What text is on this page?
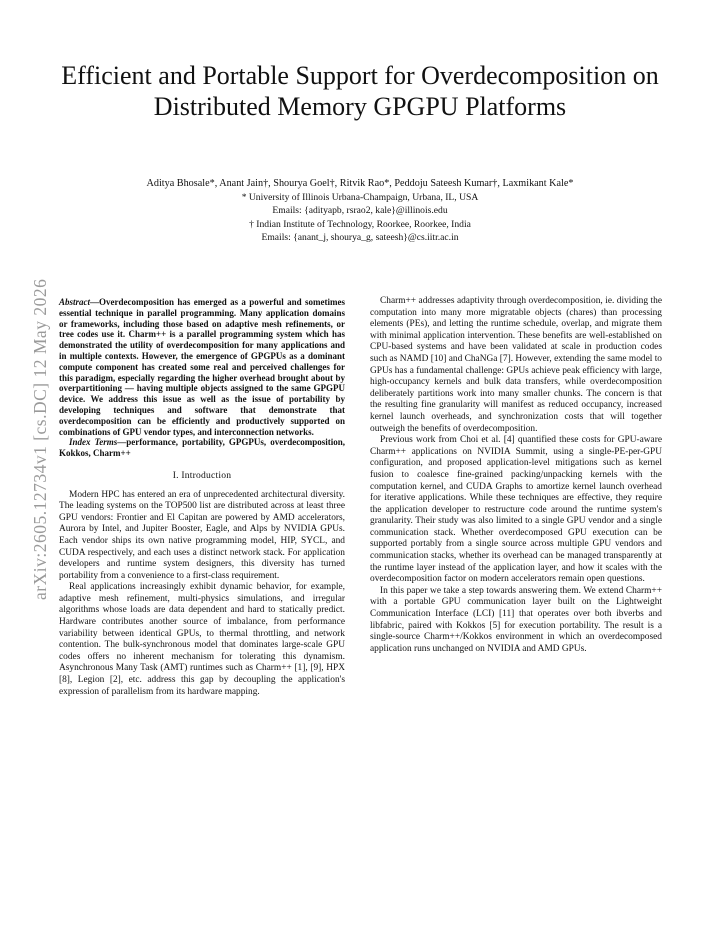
arXiv:2605.12734v1 [cs.DC] 12 May 2026
Efficient and Portable Support for Overdecomposition on Distributed Memory GPGPU Platforms
Aditya Bhosale*, Anant Jain†, Shourya Goel†, Ritvik Rao*, Peddoju Sateesh Kumar†, Laxmikant Kale*
* University of Illinois Urbana-Champaign, Urbana, IL, USA
Emails: {adityapb, rsrao2, kale}@illinois.edu
† Indian Institute of Technology, Roorkee, Roorkee, India
Emails: {anant_j, shourya_g, sateesh}@cs.iitr.ac.in

Abstract—Overdecomposition has emerged as a powerful and sometimes essential technique in parallel programming. Many application domains or frameworks, including those based on adaptive mesh refinements, or tree codes use it. Charm++ is a parallel programming system which has demonstrated the utility of overdecomposition for many applications and in multiple contexts. However, the emergence of GPGPUs as a dominant compute component has created some real and perceived challenges for this paradigm, especially regarding the higher overhead brought about by overpartitioning — having multiple objects assigned to the same GPGPU device. We address this issue as well as the issue of portability by developing techniques and software that demonstrate that overdecomposition can be efficiently and productively supported on combinations of GPU vendor types, and interconnection networks.

Index Terms—performance, portability, GPGPUs, overdecomposition, Kokkos, Charm++

I. Introduction

Modern HPC has entered an era of unprecedented architectural diversity. The leading systems on the TOP500 list are distributed across at least three GPU vendors: Frontier and El Capitan are powered by AMD accelerators, Aurora by Intel, and Jupiter Booster, Eagle, and Alps by NVIDIA GPUs. Each vendor ships its own native programming model, HIP, SYCL, and CUDA respectively, and each uses a distinct network stack. For application developers and runtime system designers, this diversity has turned portability from a convenience to a first-class requirement.

Real applications increasingly exhibit dynamic behavior, for example, adaptive mesh refinement, multi-physics simulations, and irregular algorithms whose loads are data dependent and hard to statically predict. Hardware contributes another source of imbalance, from performance variability between identical GPUs, to thermal throttling, and network contention. The bulk-synchronous model that dominates large-scale GPU codes offers no inherent mechanism for tolerating this dynamism. Asynchronous Many Task (AMT) runtimes such as Charm++ [1], [9], HPX [8], Legion [2], etc. address this gap by decoupling the application's expression of parallelism from its hardware mapping.

Charm++ addresses adaptivity through overdecomposition, ie. dividing the computation into many more migratable objects (chares) than processing elements (PEs), and letting the runtime schedule, overlap, and migrate them with minimal application intervention. These benefits are well-established on CPU-based systems and have been validated at scale in production codes such as NAMD [10] and ChaNGa [7]. However, extending the same model to GPUs has a fundamental challenge: GPUs achieve peak efficiency with large, high-occupancy kernels and bulk data transfers, while overdecomposition deliberately partitions work into many smaller chunks. The concern is that the resulting fine granularity will manifest as reduced occupancy, increased kernel launch overheads, and synchronization costs that will together outweigh the benefits of overdecomposition.

Previous work from Choi et al. [4] quantified these costs for GPU-aware Charm++ applications on NVIDIA Summit, using a single-PE-per-GPU configuration, and proposed application-level mitigations such as kernel fusion to coalesce fine-grained packing/unpacking kernels with the computation kernel, and CUDA Graphs to amortize kernel launch overhead for iterative applications. While these techniques are effective, they require the application developer to restructure code around the runtime system's granularity. Their study was also limited to a single GPU vendor and a single communication stack. Whether overdecomposed GPU execution can be supported portably from a single source across multiple GPU vendors and communication stacks, whether its overhead can be managed transparently at the runtime layer instead of the application layer, and how it scales with the overdecomposition factor on modern accelerators remain open questions.

In this paper we take a step towards answering them. We extend Charm++ with a portable GPU communication layer built on the Lightweight Communication Interface (LCI) [11] that operates over both ibverbs and libfabric, paired with Kokkos [5] for execution portability. The result is a single-source Charm++/Kokkos environment in which an overdecomposed application runs unchanged on NVIDIA and AMD GPUs.
